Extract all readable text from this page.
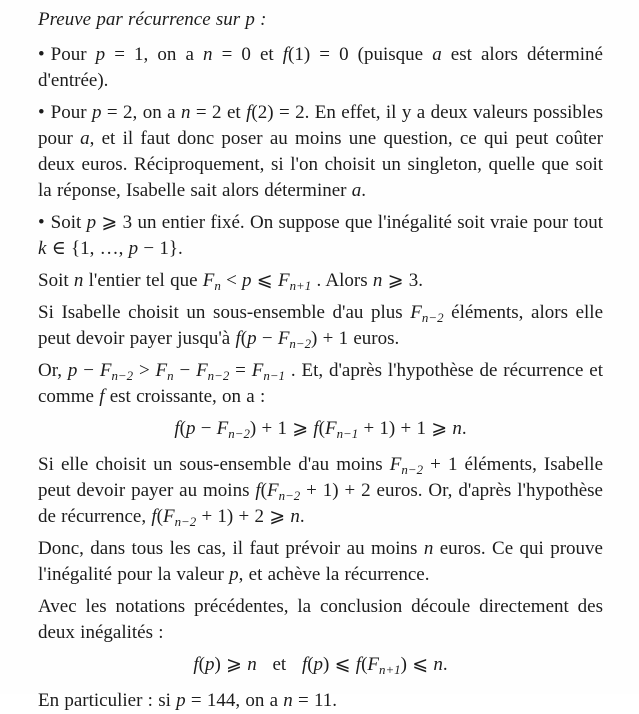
Preuve par récurrence sur p :

• Pour p = 1, on a n = 0 et f(1) = 0 (puisque a est alors déterminé d'entrée).

• Pour p = 2, on a n = 2 et f(2) = 2. En effet, il y a deux valeurs possibles pour a, et il faut donc poser au moins une question, ce qui peut coûter deux euros. Réciproquement, si l'on choisit un singleton, quelle que soit la réponse, Isabelle sait alors déterminer a.

• Soit p ⩾ 3 un entier fixé. On suppose que l'inégalité soit vraie pour tout k ∈ {1, …, p − 1}.

Soit n l'entier tel que $F_n < p$ ⩽ $F_{n+1}$ . Alors n ⩾ 3.

Si Isabelle choisit un sous-ensemble d'au plus $F_{n-2}$ éléments, alors elle peut devoir payer jusqu'à $f(p - F_{n-2}) + 1$ euros.

Or, $p - F_{n-2} > F_n - F_{n-2} = F_{n-1}$ . Et, d'après l'hypothèse de récurrence et comme f est croissante, on a :

$f(p - F_{n-2}) + 1$ ⩾ $f(F_{n-1} + 1) + 1$ ⩾ n.

Si elle choisit un sous-ensemble d'au moins $F_{n-2} + 1$ éléments, Isabelle peut devoir payer au moins $f(F_{n-2} + 1) + 2$ euros. Or, d'après l'hypothèse de récurrence, $f(F_{n-2} + 1) + 2$ ⩾ n.

Donc, dans tous les cas, il faut prévoir au moins n euros. Ce qui prouve l'inégalité pour la valeur p, et achève la récurrence.

Avec les notations précédentes, la conclusion découle directement des deux inégalités :

f(p) ⩾ n   et   f(p) ⩽ $f(F_{n+1})$ ⩽ n.

En particulier : si p = 144, on a n = 11.
